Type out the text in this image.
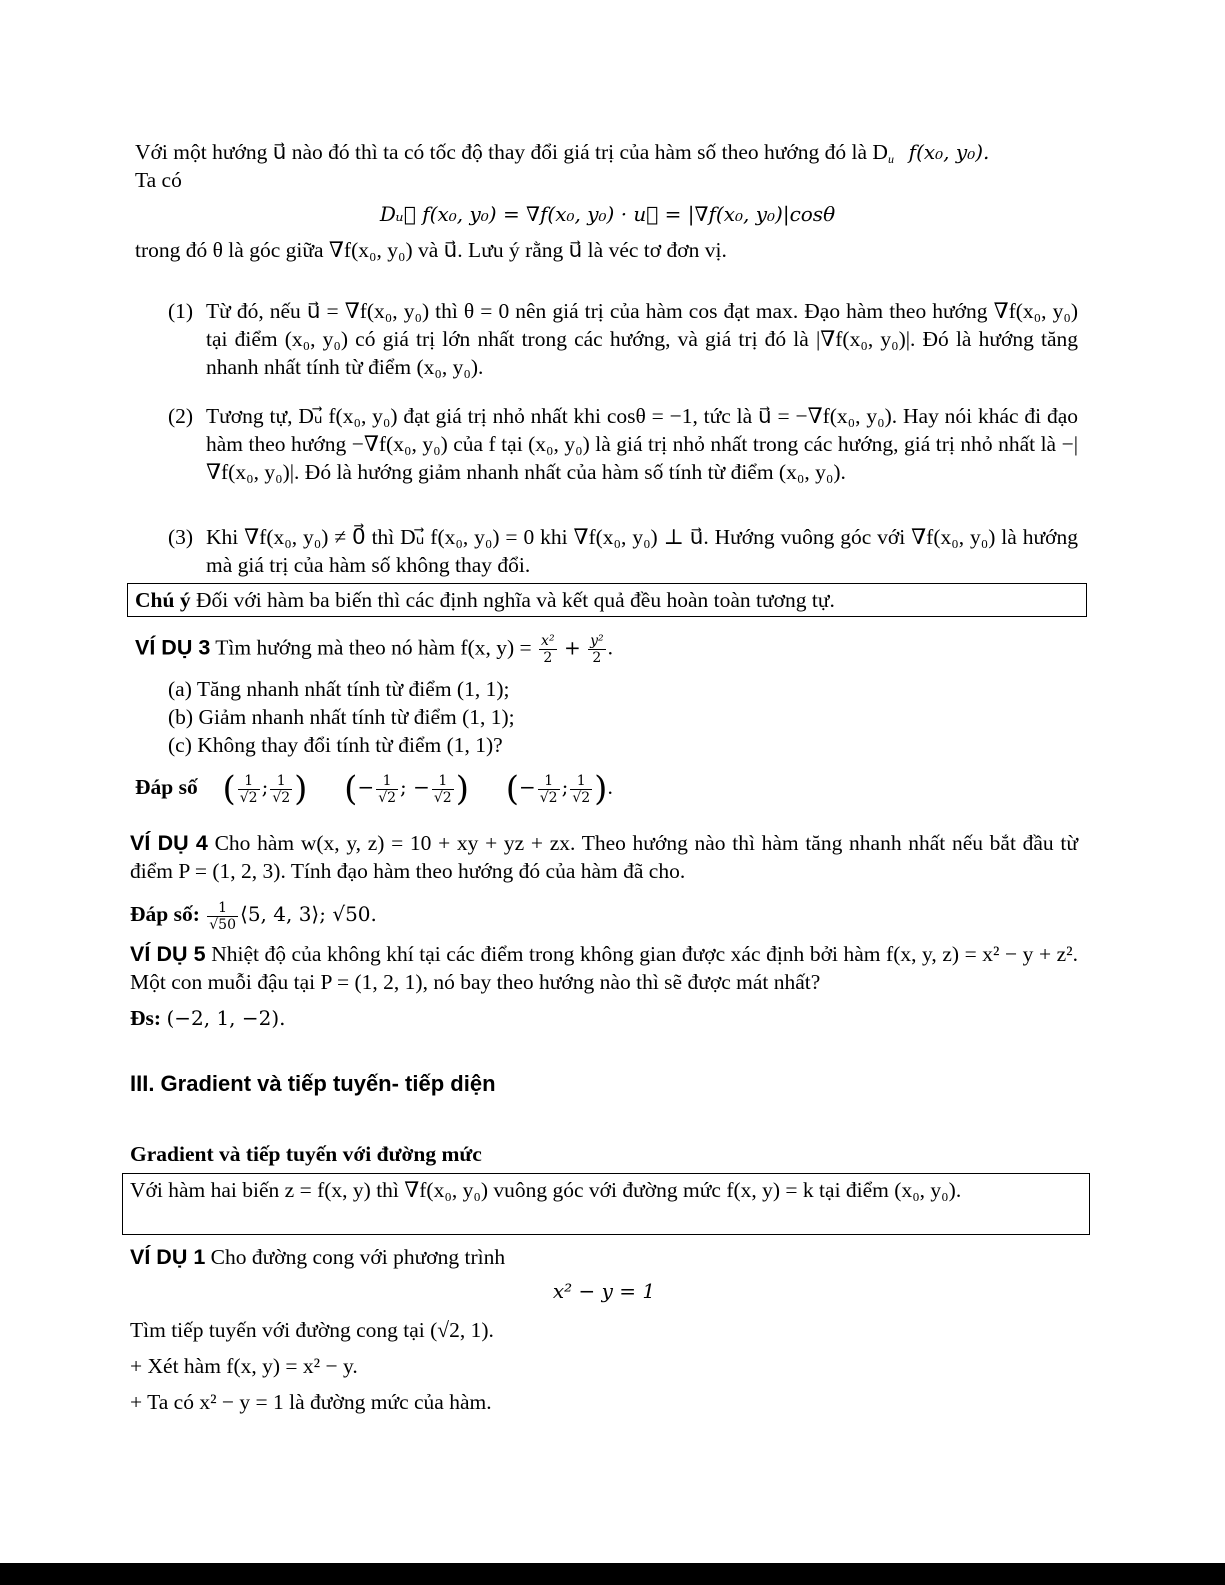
Với một hướng u⃗ nào đó thì ta có tốc độ thay đổi giá trị của hàm số theo hướng đó là Du⃗ f(x₀, y₀).
Ta có
Dᵤ⃗ f(x₀, y₀) = ∇f(x₀, y₀) · u⃗ = |∇f(x₀, y₀)|cosθ
trong đó θ là góc giữa ∇f(x₀, y₀) và u⃗. Lưu ý rằng u⃗ là véc tơ đơn vị.
(1) Từ đó, nếu u⃗ = ∇f(x₀, y₀) thì θ = 0 nên giá trị của hàm cos đạt max. Đạo hàm theo hướng ∇f(x₀, y₀) tại điểm (x₀, y₀) có giá trị lớn nhất trong các hướng, và giá trị đó là |∇f(x₀, y₀)|. Đó là hướng tăng nhanh nhất tính từ điểm (x₀, y₀).
(2) Tương tự, Dᵤ⃗ f(x₀, y₀) đạt giá trị nhỏ nhất khi cosθ = −1, tức là u⃗ = −∇f(x₀, y₀). Hay nói khác đi đạo hàm theo hướng −∇f(x₀, y₀) của f tại (x₀, y₀) là giá trị nhỏ nhất trong các hướng, giá trị nhỏ nhất là −|∇f(x₀, y₀)|. Đó là hướng giảm nhanh nhất của hàm số tính từ điểm (x₀, y₀).
(3) Khi ∇f(x₀, y₀) ≠ 0⃗ thì Dᵤ⃗ f(x₀, y₀) = 0 khi ∇f(x₀, y₀) ⊥ u⃗. Hướng vuông góc với ∇f(x₀, y₀) là hướng mà giá trị của hàm số không thay đổi.
Chú ý Đối với hàm ba biến thì các định nghĩa và kết quả đều hoàn toàn tương tự.
VÍ DỤ 3 Tìm hướng mà theo nó hàm f(x, $y) = \frac{\text{x²}}{2} + \frac{\text{y²}}{2}$ .
(a) Tăng nhanh nhất tính từ điểm (1, 1);
(b) Giảm nhanh nhất tính từ điểm (1, 1);
(c) Không thay đổi tính từ điểm (1, 1)?
Đáp số ( $\frac{1}{√2}$ ; $\frac{1}{√2}$ ) (− $\frac{1}{√2}$ ; − $\frac{1}{√2}$ ) (− $\frac{1}{√2}$ ; $\frac{1}{√2}$ ).
VÍ DỤ 4 Cho hàm w(x, y, z) = 10 + xy + yz + zx. Theo hướng nào thì hàm tăng nhanh nhất nếu bắt đầu từ điểm P = (1, 2, 3). Tính đạo hàm theo hướng đó của hàm đã cho.
Đáp số: $\frac{1}{√50}$ ⟨5, 4, 3⟩; √50.
VÍ DỤ 5 Nhiệt độ của không khí tại các điểm trong không gian được xác định bởi hàm f(x, y, z) = x² − y + z². Một con muỗi đậu tại P = (1, 2, 1), nó bay theo hướng nào thì sẽ được mát nhất?
Đs: (−2, 1, −2).
III. Gradient và tiếp tuyến- tiếp diện
Gradient và tiếp tuyến với đường mức
Với hàm hai biến z = f(x, y) thì ∇f(x₀, y₀) vuông góc với đường mức f(x, y) = k tại điểm (x₀, y₀).
VÍ DỤ 1 Cho đường cong với phương trình
x² − y = 1
Tìm tiếp tuyến với đường cong tại (√2, 1).
+ Xét hàm f(x, y) = x² − y.
+ Ta có x² − y = 1 là đường mức của hàm.
